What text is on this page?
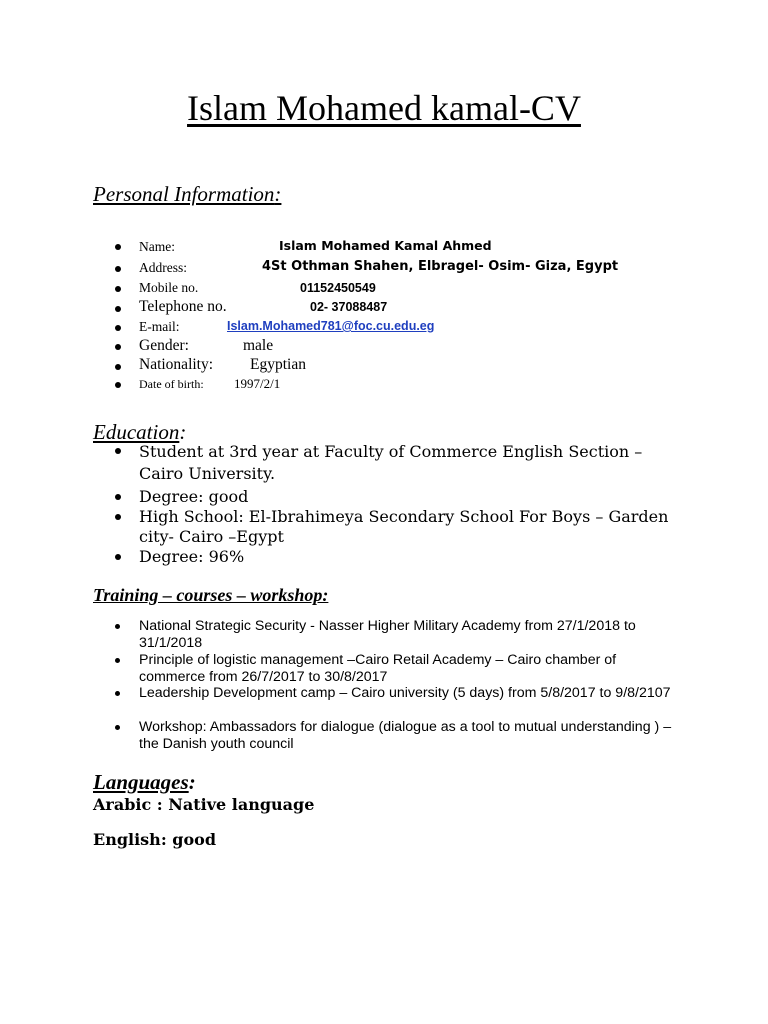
Islam Mohamed kamal-CV
Personal Information:
Name:	Islam Mohamed Kamal Ahmed
Address:	4St Othman Shahen, Elbragel- Osim- Giza, Egypt
Mobile no.	01152450549
Telephone no.	02- 37088487
E-mail:	Islam.Mohamed781@foc.cu.edu.eg
Gender:	male
Nationality: Egyptian
Date of birth: 1997/2/1
Education:
Student at 3rd year at Faculty of Commerce English Section – Cairo University.
Degree: good
High School: El-Ibrahimeya Secondary School For Boys – Garden city- Cairo –Egypt
Degree: 96%
Training – courses – workshop:
National Strategic Security - Nasser Higher Military Academy from 27/1/2018 to 31/1/2018
Principle of logistic management –Cairo Retail Academy – Cairo chamber of commerce from 26/7/2017 to 30/8/2017
Leadership Development camp – Cairo university (5 days) from 5/8/2017 to 9/8/2107
Workshop: Ambassadors for dialogue (dialogue as a tool to mutual understanding ) – the Danish youth council
Languages:
Arabic : Native language
English: good
